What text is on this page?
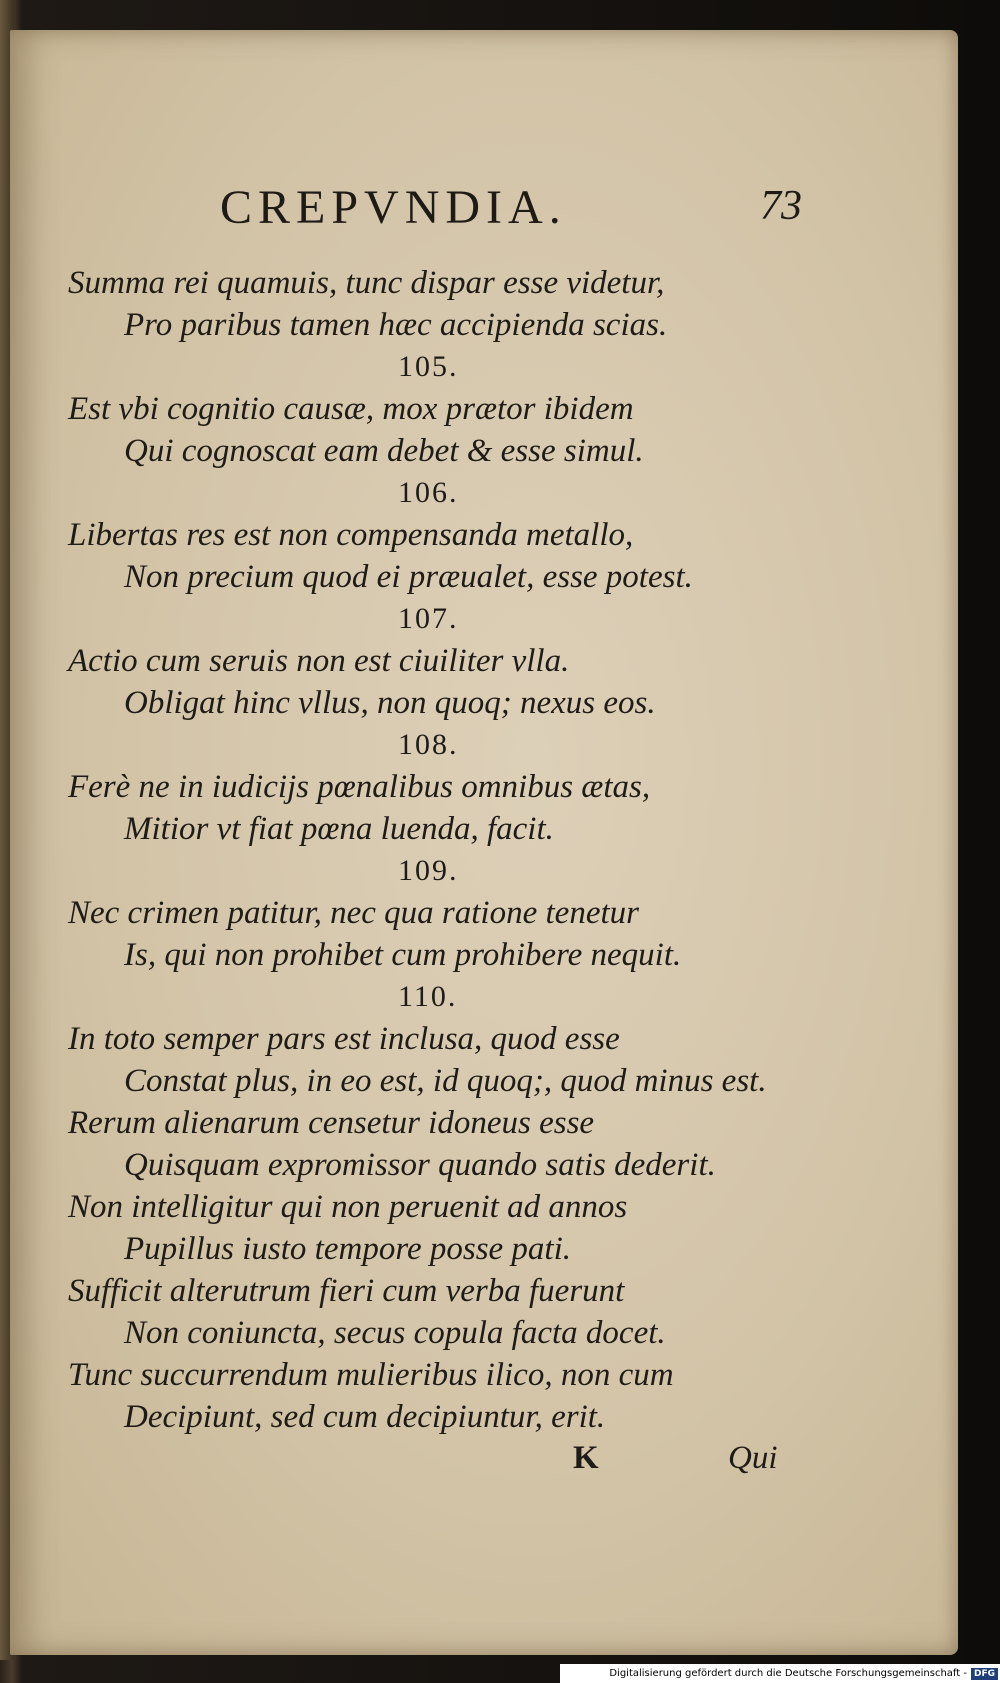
CREPVNDIA.	73
Summa rei quamuis, tunc dispar esse videtur,
Pro paribus tamen hæc accipienda scias.
105.
Est vbi cognitio causæ, mox prætor ibidem
Qui cognoscat eam debet & esse simul.
106.
Libertas res est non compensanda metallo,
Non precium quod ei præualet, esse potest.
107.
Actio cum seruis non est ciuiliter vlla.
Obligat hinc vllus, non quoq; nexus eos.
108.
Ferè ne in iudicijs pœnalibus omnibus ætas,
Mitior vt fiat pœna luenda, facit.
109.
Nec crimen patitur, nec qua ratione tenetur
Is, qui non prohibet cum prohibere nequit.
110.
In toto semper pars est inclusa, quod esse
Constat plus, in eo est, id quoq;, quod minus est.
Rerum alienarum censetur idoneus esse
Quisquam expromissor quando satis dederit.
Non intelligitur qui non peruenit ad annos
Pupillus iusto tempore posse pati.
Sufficit alterutrum fieri cum verba fuerunt
Non coniuncta, secus copula facta docet.
Tunc succurrendum mulieribus ilico, non cum
Decipiunt, sed cum decipiuntur, erit.
K	Qui
Digitalisierung gefördert durch die Deutsche Forschungsgemeinschaft - DFG
